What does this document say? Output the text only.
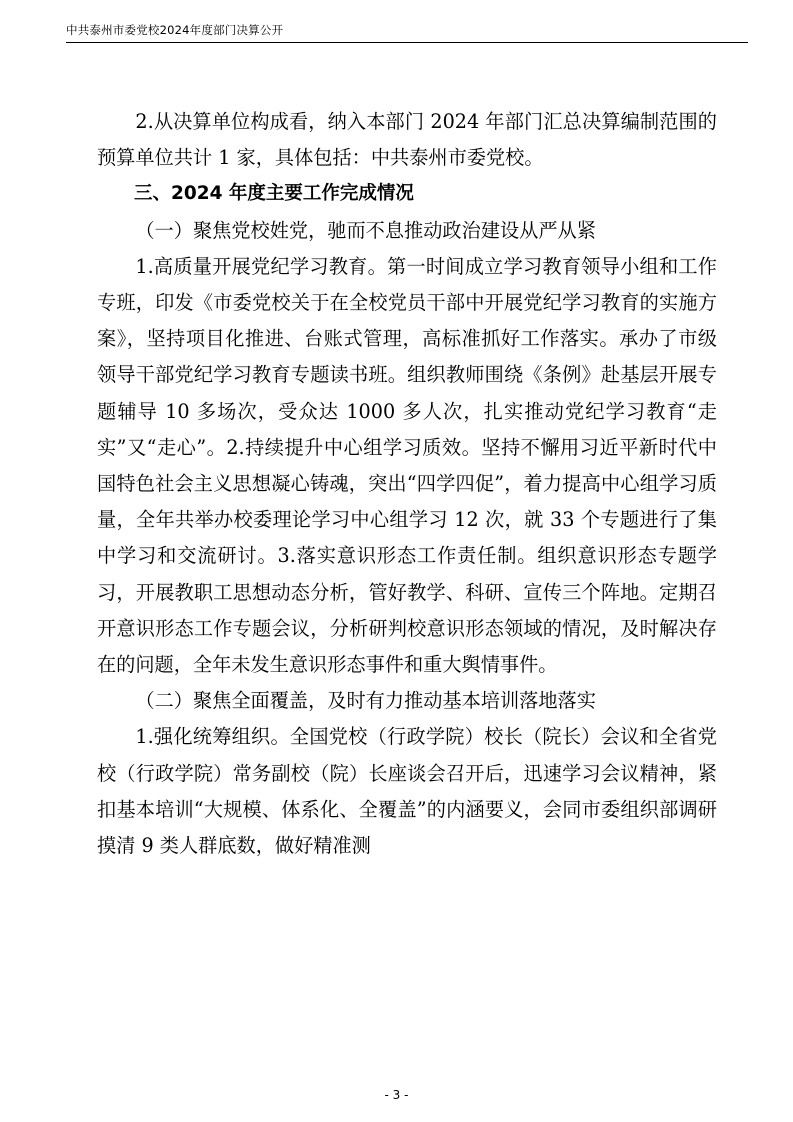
中共泰州市委党校2024年度部门决算公开

2.从决算单位构成看，纳入本部门 2024 年部门汇总决算编制范围的预算单位共计 1 家，具体包括：中共泰州市委党校。

三、2024 年度主要工作完成情况

（一）聚焦党校姓党，驰而不息推动政治建设从严从紧

1.高质量开展党纪学习教育。第一时间成立学习教育领导小组和工作专班，印发《市委党校关于在全校党员干部中开展党纪学习教育的实施方案》，坚持项目化推进、台账式管理，高标准抓好工作落实。承办了市级领导干部党纪学习教育专题读书班。组织教师围绕《条例》赴基层开展专题辅导 10 多场次，受众达 1000 多人次，扎实推动党纪学习教育“走实”又“走心”。2.持续提升中心组学习质效。坚持不懈用习近平新时代中国特色社会主义思想凝心铸魂，突出“四学四促”，着力提高中心组学习质量，全年共举办校委理论学习中心组学习 12 次，就 33 个专题进行了集中学习和交流研讨。3.落实意识形态工作责任制。组织意识形态专题学习，开展教职工思想动态分析，管好教学、科研、宣传三个阵地。定期召开意识形态工作专题会议，分析研判校意识形态领域的情况，及时解决存在的问题，全年未发生意识形态事件和重大舆情事件。

（二）聚焦全面覆盖，及时有力推动基本培训落地落实

1.强化统筹组织。全国党校（行政学院）校长（院长）会议和全省党校（行政学院）常务副校（院）长座谈会召开后，迅速学习会议精神，紧扣基本培训“大规模、体系化、全覆盖”的内涵要义，会同市委组织部调研摸清 9 类人群底数，做好精准测

- 3 -
